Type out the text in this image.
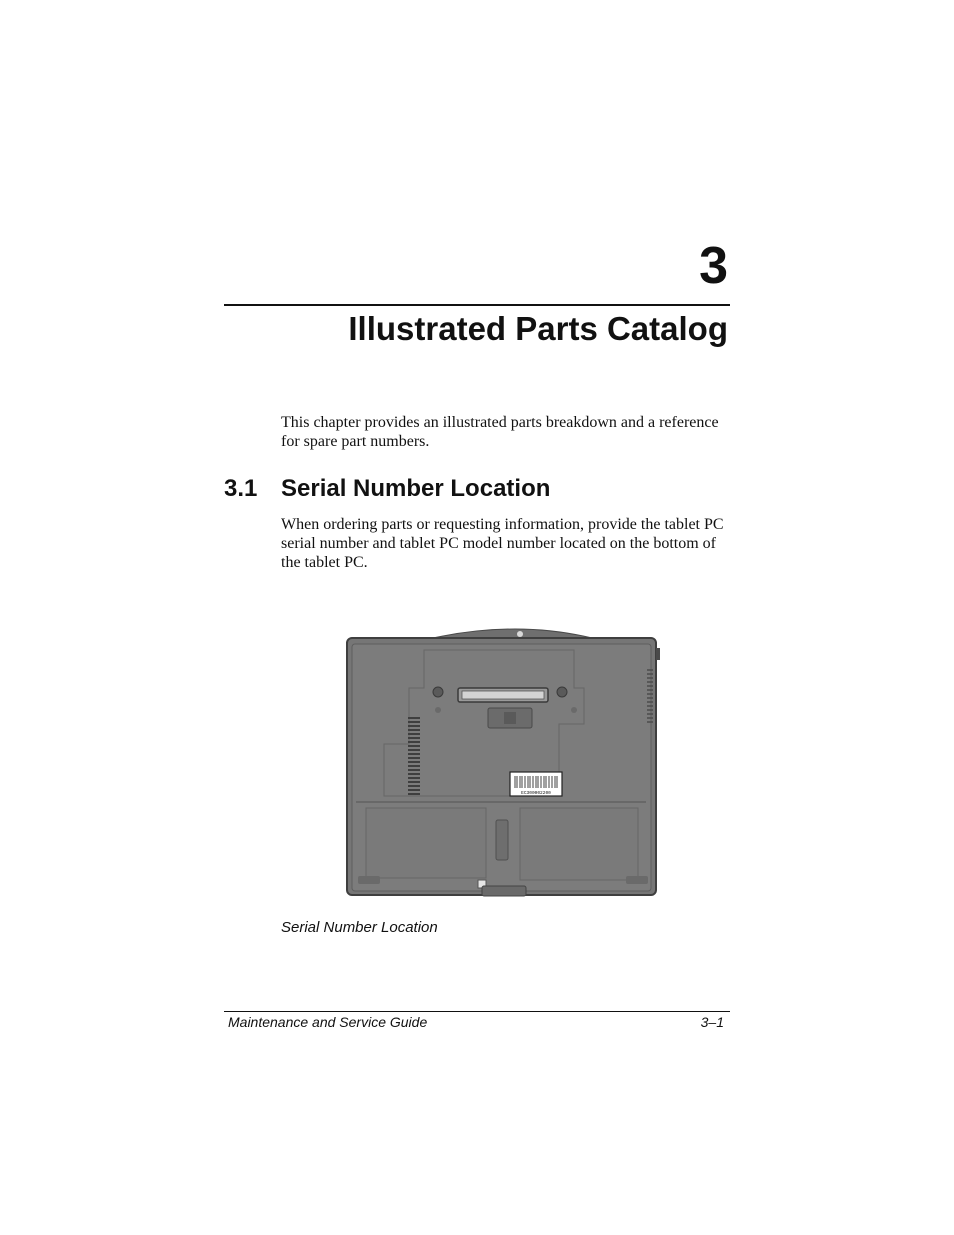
3
Illustrated Parts Catalog

This chapter provides an illustrated parts breakdown and a reference for spare part numbers.

3.1 Serial Number Location

When ordering parts or requesting information, provide the tablet PC serial number and tablet PC model number located on the bottom of the tablet PC.

EC300002200

Serial Number Location

Maintenance and Service Guide	3–1
